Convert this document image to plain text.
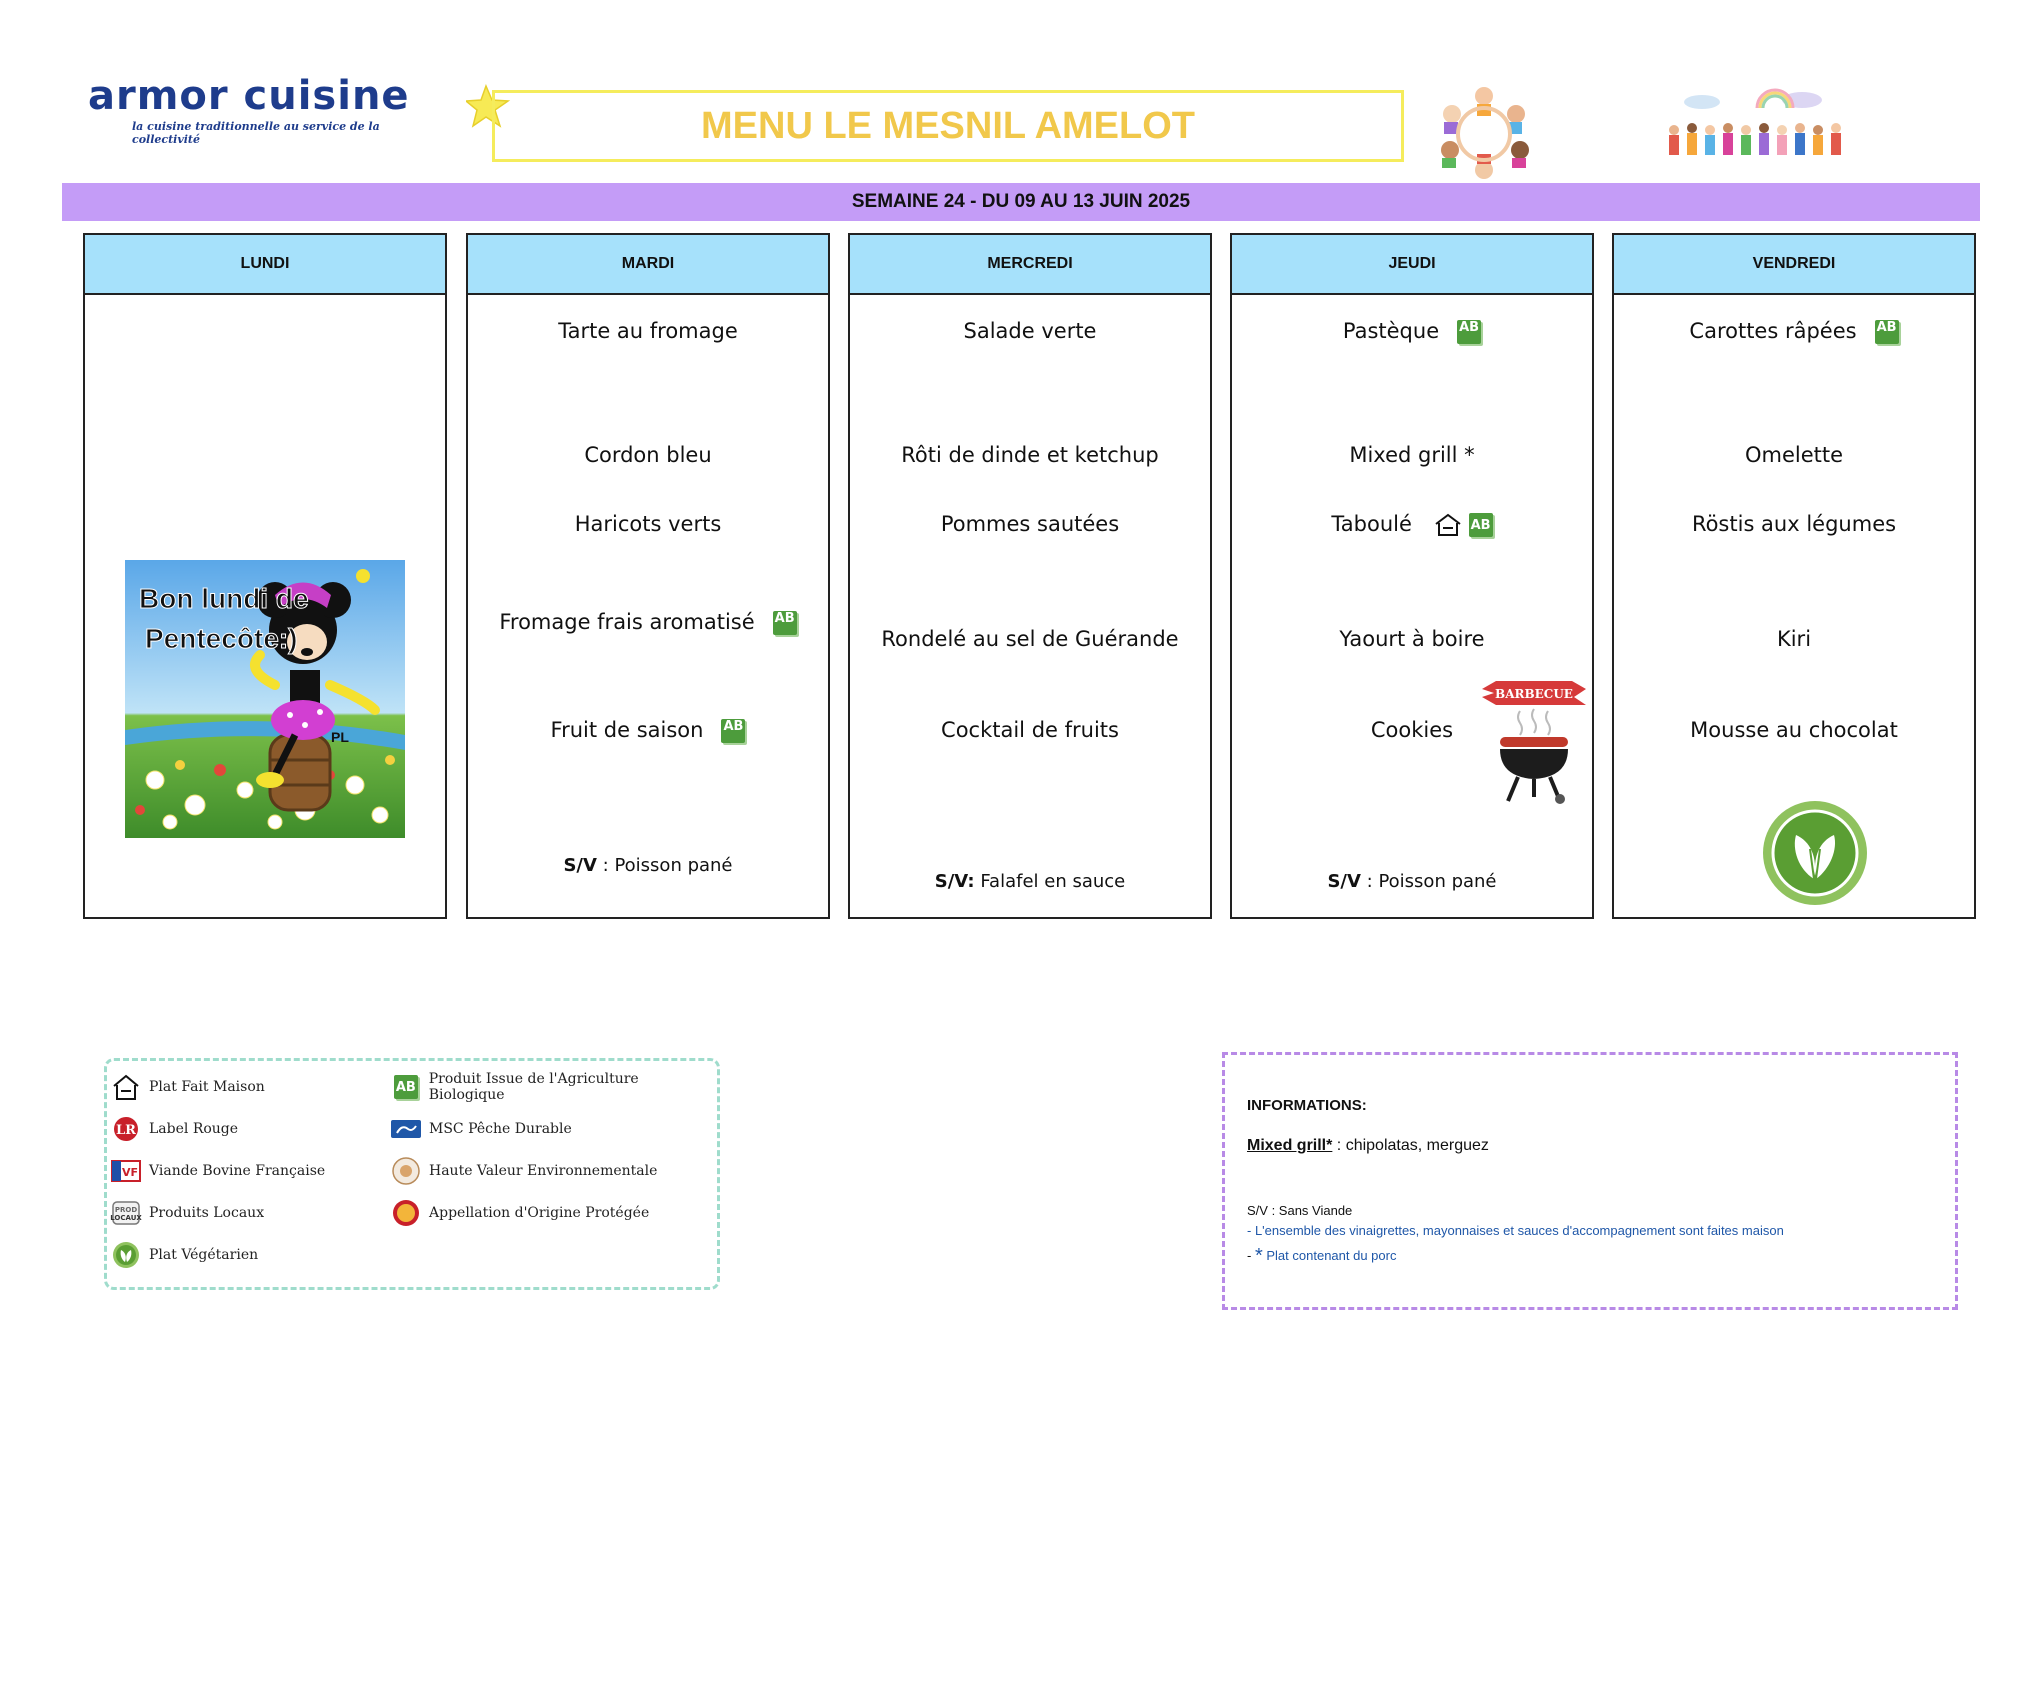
armor cuisine
la cuisine traditionnelle au service de la collectivité	MENU LE MESNIL AMELOT
SEMAINE 24 - DU 09 AU 13 JUIN 2025
LUNDI
Bon lundi de
Pentecôte:)
PL
MARDI
Tarte au fromage
Cordon bleu
Haricots verts
Fromage frais aromatisé AB
Fruit de saison AB
S/V : Poisson pané
MERCREDI
Salade verte
Rôti de dinde et ketchup
Pommes sautées
Rondelé au sel de Guérande
Cocktail de fruits
S/V: Falafel en sauce
JEUDI
Pastèque AB
Mixed grill *
Taboulé	AB
Yaourt à boire
Cookies
BARBECUE
S/V : Poisson pané
VENDREDI
Carottes râpées AB
Omelette
Röstis aux légumes
Kiri
Mousse au chocolat
Plat Fait Maison
LR Label Rouge
VF Viande Bovine Française
PROD
LOCAUX Produits Locaux
Plat Végétarien
AB Produit Issue de l'Agriculture Biologique
MSC Pêche Durable
Haute Valeur Environnementale
Appellation d'Origine Protégée
INFORMATIONS:
Mixed grill* : chipolatas, merguez
S/V : Sans Viande
- L'ensemble des vinaigrettes, mayonnaises et sauces d'accompagnement sont faites maison
- * Plat contenant du porc
